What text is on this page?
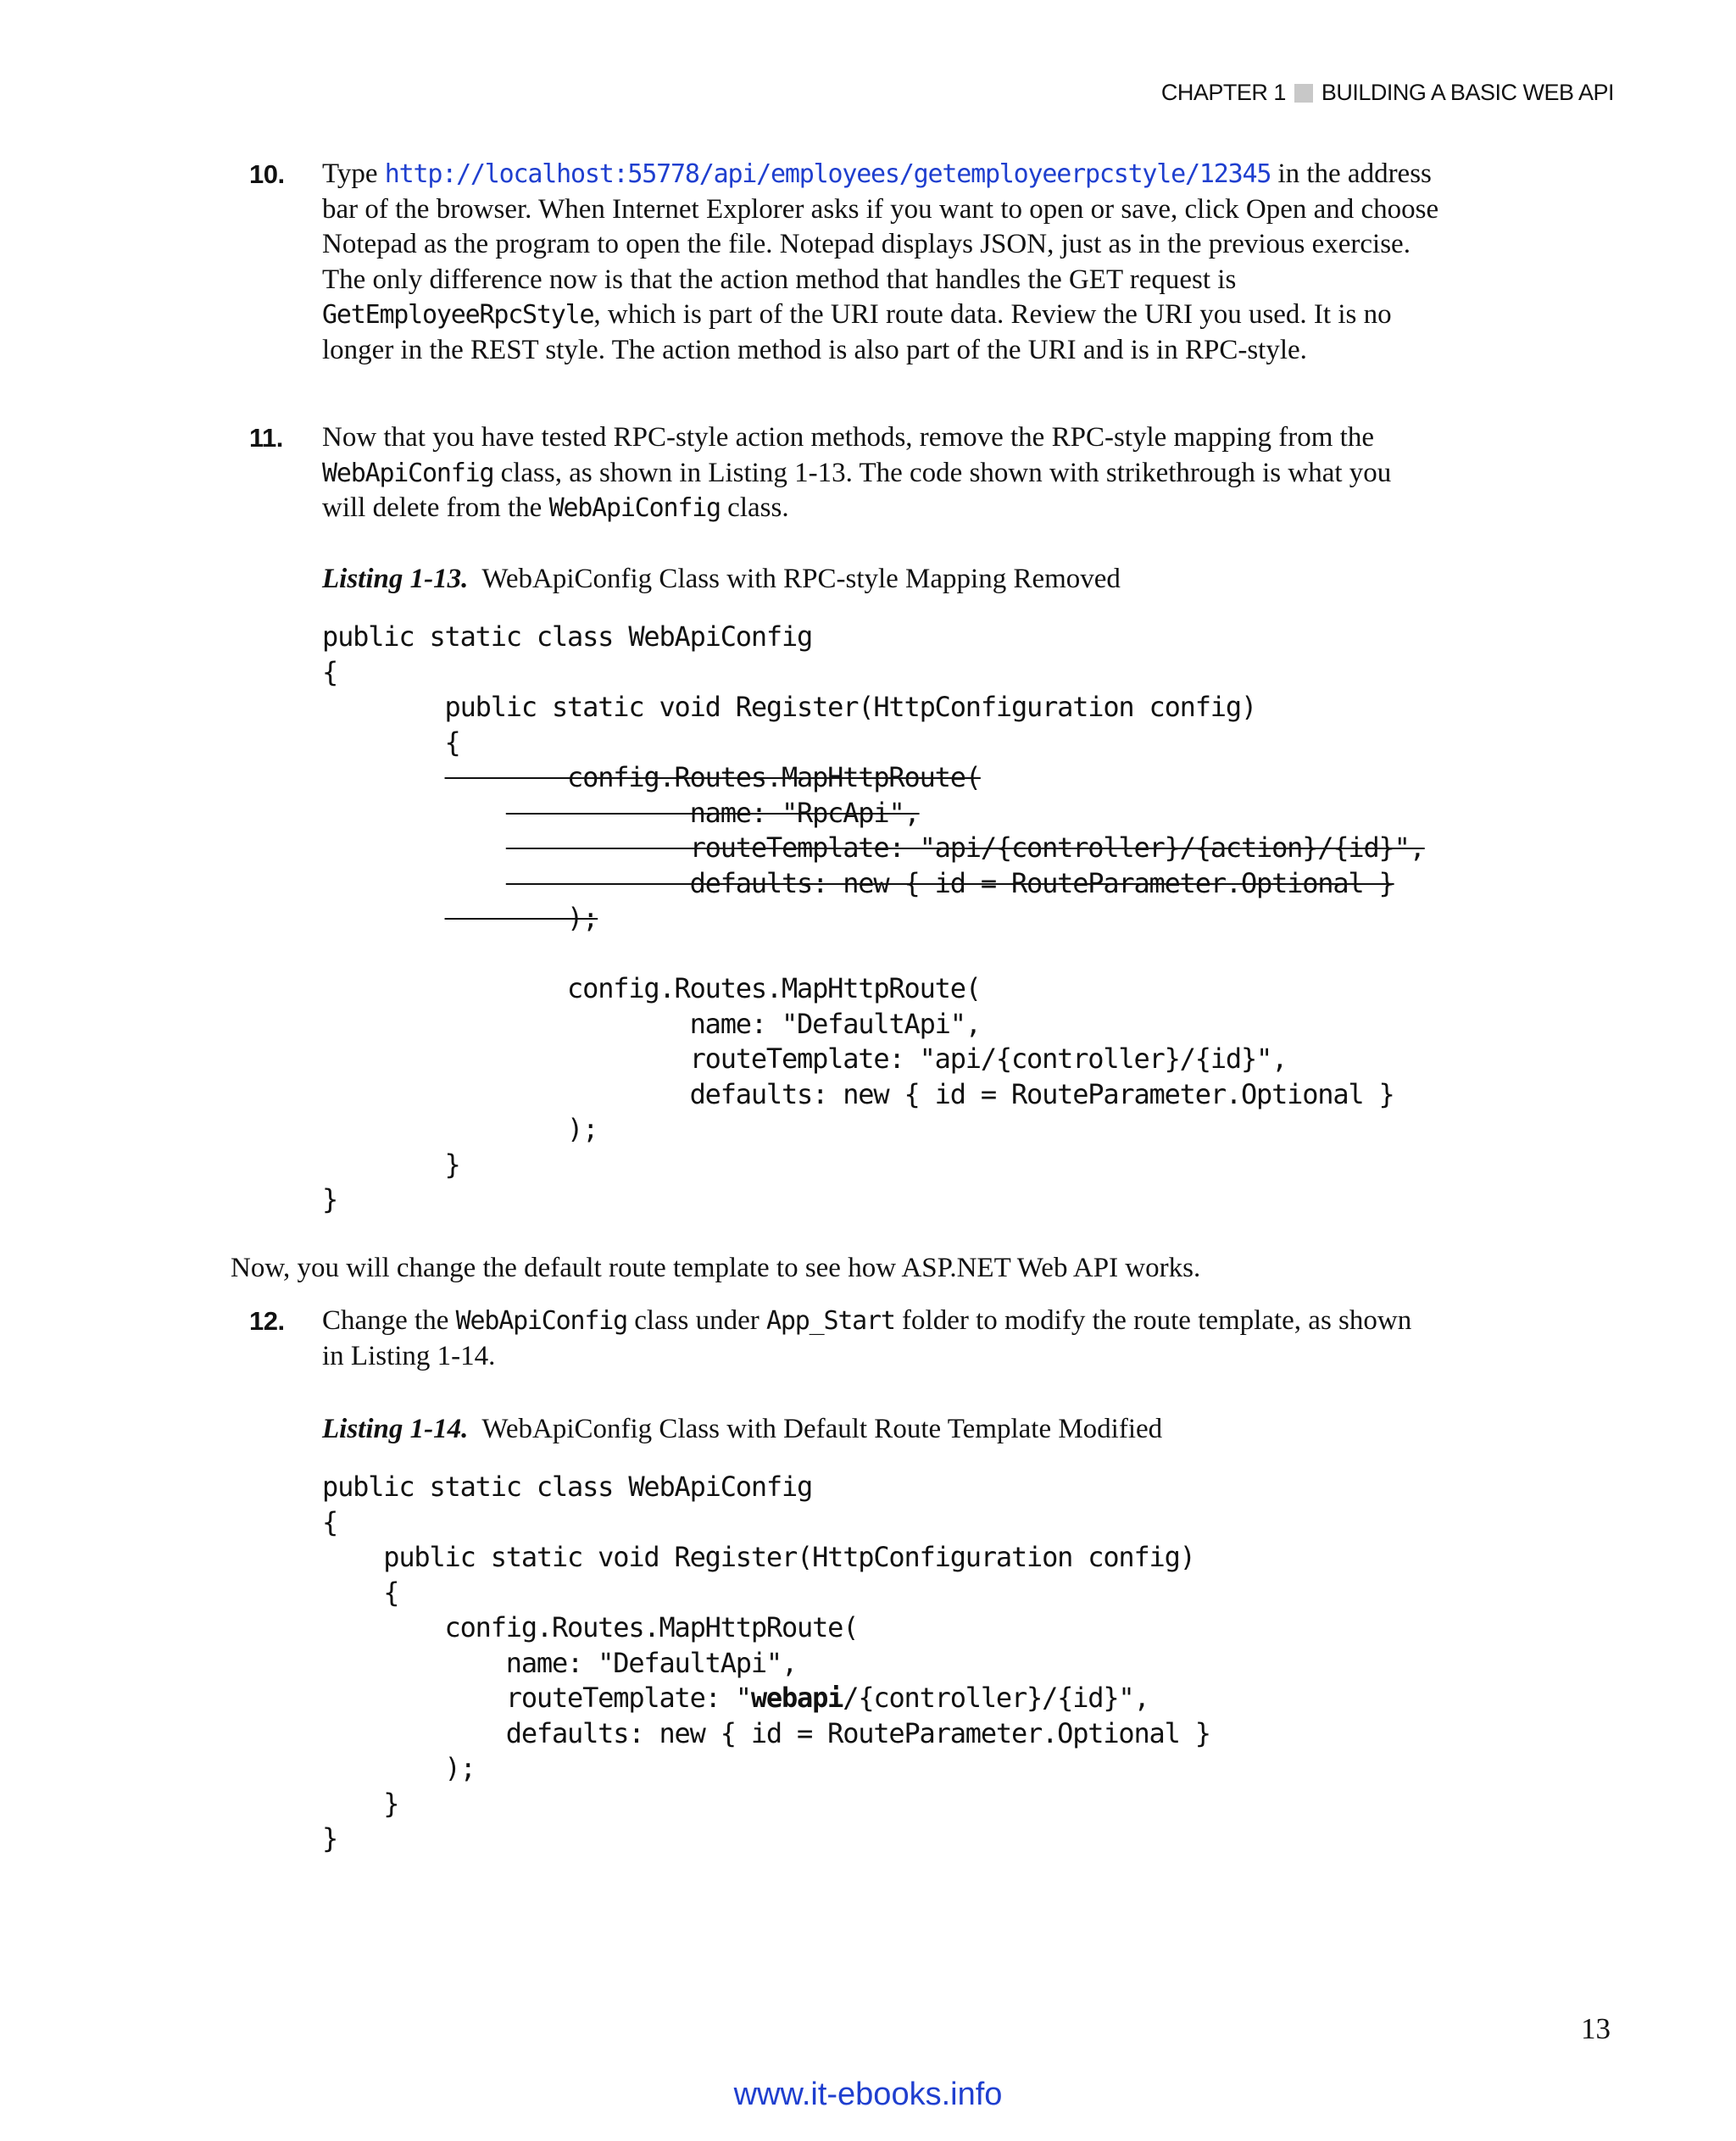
CHAPTER 1 BUILDING A BASIC WEB API
10. Type http://localhost:55778/api/employees/getemployeerpcstyle/12345 in the address bar of the browser. When Internet Explorer asks if you want to open or save, click Open and choose Notepad as the program to open the file. Notepad displays JSON, just as in the previous exercise. The only difference now is that the action method that handles the GET request is GetEmployeeRpcStyle, which is part of the URI route data. Review the URI you used. It is no longer in the REST style. The action method is also part of the URI and is in RPC-style.
11. Now that you have tested RPC-style action methods, remove the RPC-style mapping from the WebApiConfig class, as shown in Listing 1-13. The code shown with strikethrough is what you will delete from the WebApiConfig class.
Listing 1-13. WebApiConfig Class with RPC-style Mapping Removed
public static class WebApiConfig
{
public static void Register(HttpConfiguration config)
{
config.Routes.MapHttpRoute(
name: "RpcApi",
routeTemplate: "api/{controller}/{action}/{id}",
defaults: new { id = RouteParameter.Optional }
);
config.Routes.MapHttpRoute(
name: "DefaultApi",
routeTemplate: "api/{controller}/{id}",
defaults: new { id = RouteParameter.Optional }
);
}
}
Now, you will change the default route template to see how ASP.NET Web API works.
12. Change the WebApiConfig class under App_Start folder to modify the route template, as shown in Listing 1-14.
Listing 1-14. WebApiConfig Class with Default Route Template Modified
public static class WebApiConfig
{
public static void Register(HttpConfiguration config)
{
config.Routes.MapHttpRoute(
name: "DefaultApi",
routeTemplate: "webapi/{controller}/{id}",
defaults: new { id = RouteParameter.Optional }
);
}
}
13
www.it-ebooks.info
